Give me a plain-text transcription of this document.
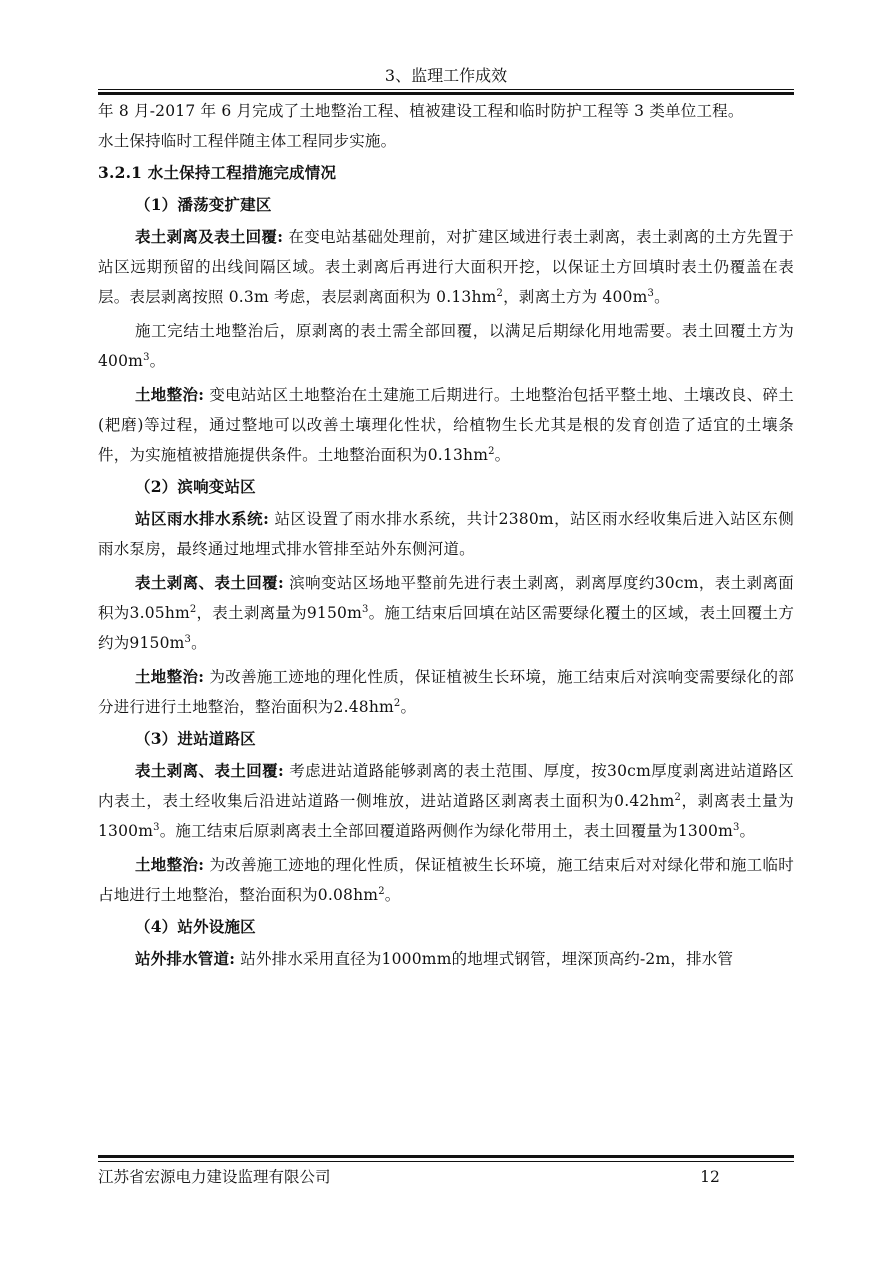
3、监理工作成效

年 8 月-2017 年 6 月完成了土地整治工程、植被建设工程和临时防护工程等 3 类单位工程。

水土保持临时工程伴随主体工程同步实施。

3.2.1 水土保持工程措施完成情况

（1）潘荡变扩建区

表土剥离及表土回覆: 在变电站基础处理前，对扩建区域进行表土剥离，表土剥离的土方先置于站区远期预留的出线间隔区域。表土剥离后再进行大面积开挖，以保证土方回填时表土仍覆盖在表层。表层剥离按照 0.3m 考虑，表层剥离面积为 $0.13hm^2$，剥离土方为 $400m^3$。

施工完结土地整治后，原剥离的表土需全部回覆，以满足后期绿化用地需要。表土回覆土方为 $400m^3$。

土地整治: 变电站站区土地整治在土建施工后期进行。土地整治包括平整土地、土壤改良、碎土(耙磨)等过程，通过整地可以改善土壤理化性状，给植物生长尤其是根的发育创造了适宜的土壤条件，为实施植被措施提供条件。土地整治面积为$0.13hm^2$。

（2）滨响变站区

站区雨水排水系统: 站区设置了雨水排水系统，共计2380m，站区雨水经收集后进入站区东侧雨水泵房，最终通过地埋式排水管排至站外东侧河道。

表土剥离、表土回覆: 滨响变站区场地平整前先进行表土剥离，剥离厚度约30cm，表土剥离面积为$3.05hm^2$，表土剥离量为$9150m^3$。施工结束后回填在站区需要绿化覆土的区域，表土回覆土方约为$9150m^3$。

土地整治: 为改善施工迹地的理化性质，保证植被生长环境，施工结束后对滨响变需要绿化的部分进行进行土地整治，整治面积为$2.48hm^2$。

（3）进站道路区

表土剥离、表土回覆: 考虑进站道路能够剥离的表土范围、厚度，按30cm厚度剥离进站道路区内表土，表土经收集后沿进站道路一侧堆放，进站道路区剥离表土面积为$0.42hm^2$，剥离表土量为$1300m^3$。施工结束后原剥离表土全部回覆道路两侧作为绿化带用土，表土回覆量为$1300m^3$。

土地整治: 为改善施工迹地的理化性质，保证植被生长环境，施工结束后对对绿化带和施工临时占地进行土地整治，整治面积为$0.08hm^2$。

（4）站外设施区

站外排水管道: 站外排水采用直径为1000mm的地埋式钢管，埋深顶高约-2m，排水管

江苏省宏源电力建设监理有限公司	12
